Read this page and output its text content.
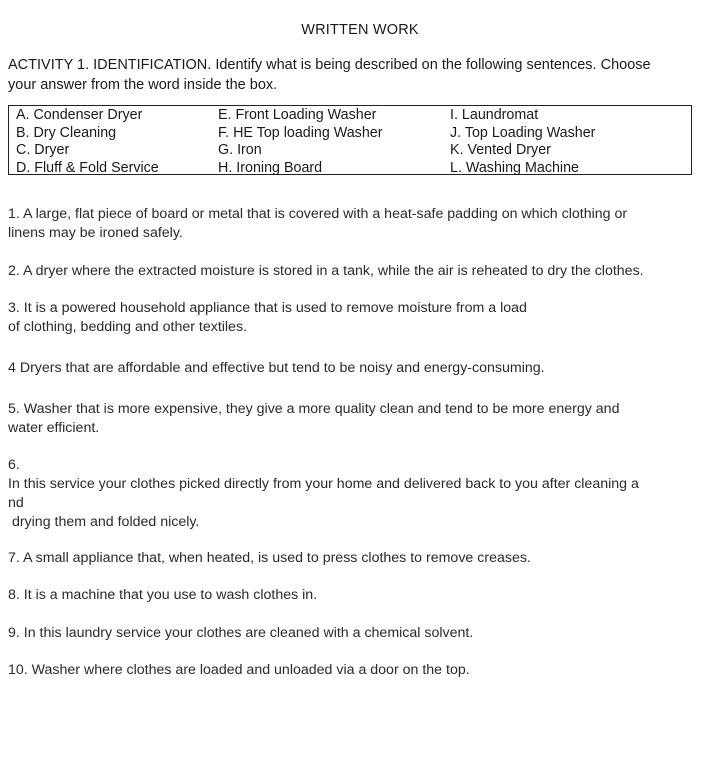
WRITTEN WORK
ACTIVITY 1. IDENTIFICATION. Identify what is being described on the following sentences. Choose
your answer from the word inside the box.
A. Condenser Dryer
B. Dry Cleaning
C. Dryer
D. Fluff & Fold Service
E. Front Loading Washer
F. HE Top loading Washer
G. Iron
H. Ironing Board
I. Laundromat
J. Top Loading Washer
K. Vented Dryer
L. Washing Machine
1. A large, flat piece of board or metal that is covered with a heat-safe padding on which clothing or
linens may be ironed safely.
2. A dryer where the extracted moisture is stored in a tank, while the air is reheated to dry the clothes.
3. It is a powered household appliance that is used to remove moisture from a load
of clothing, bedding and other textiles.
4 Dryers that are affordable and effective but tend to be noisy and energy-consuming.
5. Washer that is more expensive, they give a more quality clean and tend to be more energy and
water efficient.
6.
In this service your clothes picked directly from your home and delivered back to you after cleaning a
nd
drying them and folded nicely.
7. A small appliance that, when heated, is used to press clothes to remove creases.
8. It is a machine that you use to wash clothes in.
9. In this laundry service your clothes are cleaned with a chemical solvent.
10. Washer where clothes are loaded and unloaded via a door on the top.
